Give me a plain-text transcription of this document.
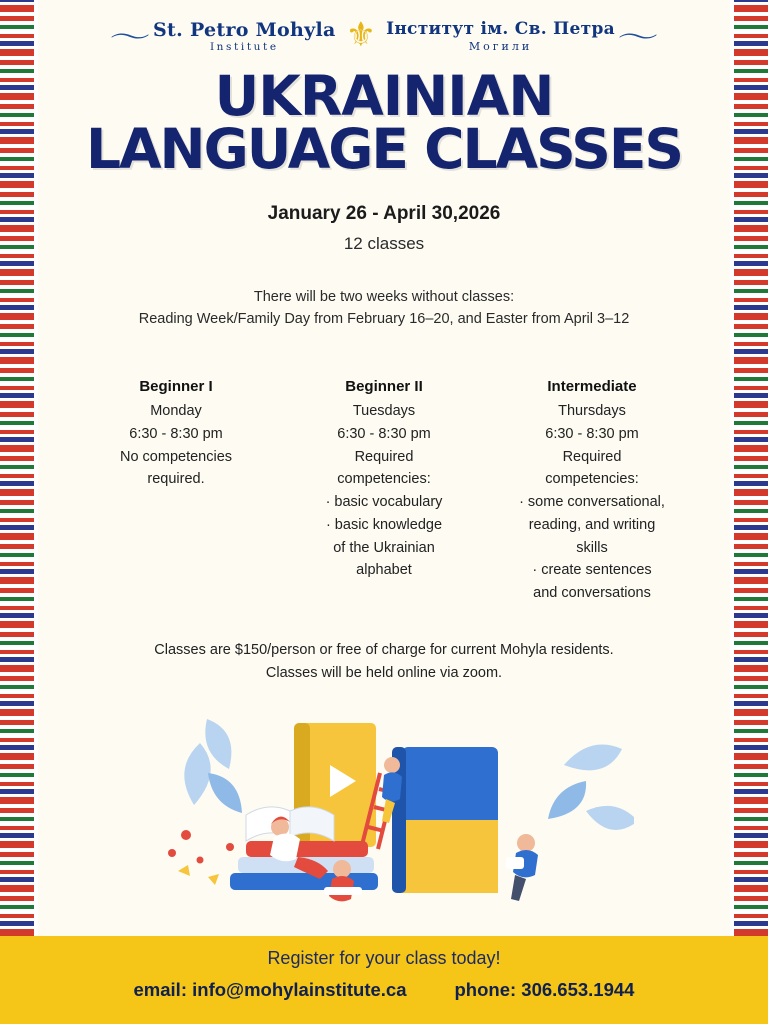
〜 St. Petro Mohyla
Institute	⚜ Інститут ім. Св. Петра
Могили	〜
UKRAINIAN
LANGUAGE CLASSES
January 26 - April 30,2026
12 classes
There will be two weeks without classes:
Reading Week/Family Day from February 16–20, and Easter from April 3–12
Beginner I
Monday
6:30 - 8:30 pm
No competencies
required.
Beginner II
Tuesdays
6:30 - 8:30 pm
Required
competencies:
· basic vocabulary
· basic knowledge
of the Ukrainian
alphabet
Intermediate
Thursdays
6:30 - 8:30 pm
Required
competencies:
· some conversational,
reading, and writing
skills
· create sentences
and conversations
Classes are $150/person or free of charge for current Mohyla residents.
Classes will be held online via zoom.
Register for your class today!
email: info@mohylainstitute.ca	phone: 306.653.1944
